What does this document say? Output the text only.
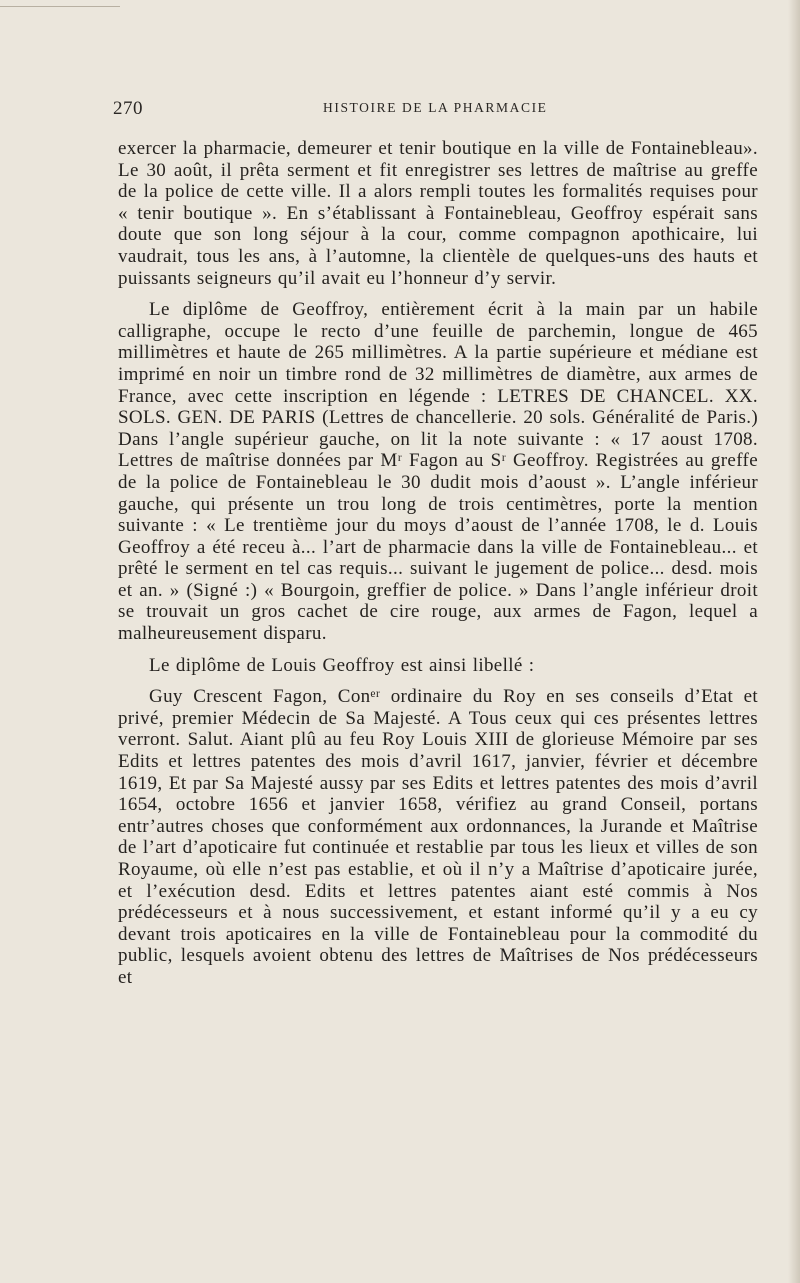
270	HISTOIRE DE LA PHARMACIE

exercer la pharmacie, demeurer et tenir boutique en la ville de Fontainebleau». Le 30 août, il prêta serment et fit enregistrer ses lettres de maîtrise au greffe de la police de cette ville. Il a alors rempli toutes les formalités requises pour « tenir boutique ». En s’établissant à Fontainebleau, Geoffroy espérait sans doute que son long séjour à la cour, comme compagnon apothicaire, lui vaudrait, tous les ans, à l’automne, la clientèle de quelques-uns des hauts et puissants seigneurs qu’il avait eu l’honneur d’y servir.

Le diplôme de Geoffroy, entièrement écrit à la main par un habile calligraphe, occupe le recto d’une feuille de parchemin, longue de 465 millimètres et haute de 265 millimètres. A la partie supérieure et médiane est imprimé en noir un timbre rond de 32 millimètres de diamètre, aux armes de France, avec cette inscription en légende : LETRES DE CHANCEL. XX. SOLS. GEN. DE PARIS (Lettres de chancellerie. 20 sols. Généralité de Paris.) Dans l’angle supérieur gauche, on lit la note suivante : « 17 aoust 1708. Lettres de maîtrise données par Mʳ Fagon au Sʳ Geoffroy. Registrées au greffe de la police de Fontainebleau le 30 dudit mois d’aoust ». L’angle inférieur gauche, qui présente un trou long de trois centimètres, porte la mention suivante : « Le trentième jour du moys d’aoust de l’année 1708, le d. Louis Geoffroy a été receu à... l’art de pharmacie dans la ville de Fontainebleau... et prêté le serment en tel cas requis... suivant le jugement de police... desd. mois et an. » (Signé :) « Bourgoin, greffier de police. » Dans l’angle inférieur droit se trouvait un gros cachet de cire rouge, aux armes de Fagon, lequel a malheureusement disparu.

Le diplôme de Louis Geoffroy est ainsi libellé :

Guy Crescent Fagon, Conᵉʳ ordinaire du Roy en ses conseils d’Etat et privé, premier Médecin de Sa Majesté. A Tous ceux qui ces présentes lettres verront. Salut. Aiant plû au feu Roy Louis XIII de glorieuse Mémoire par ses Edits et lettres patentes des mois d’avril 1617, janvier, février et décembre 1619, Et par Sa Majesté aussy par ses Edits et lettres patentes des mois d’avril 1654, octobre 1656 et janvier 1658, vérifiez au grand Conseil, portans entr’autres choses que conformément aux ordonnances, la Jurande et Maîtrise de l’art d’apoticaire fut continuée et restablie par tous les lieux et villes de son Royaume, où elle n’est pas establie, et où il n’y a Maîtrise d’apoticaire jurée, et l’exécution desd. Edits et lettres patentes aiant esté commis à Nos prédécesseurs et à nous successivement, et estant informé qu’il y a eu cy devant trois apoticaires en la ville de Fontainebleau pour la commodité du public, lesquels avoient obtenu des lettres de Maîtrises de Nos prédécesseurs et
